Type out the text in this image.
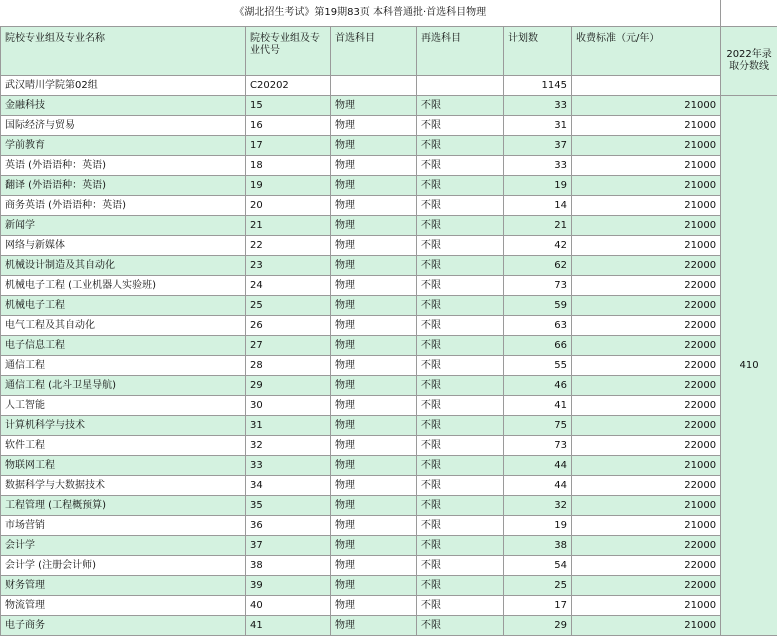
《湖北招生考试》第19期83页 本科普通批·首选科目物理						
院校专业组及专业名称	院校专业组及专业代号	首选科目	再选科目	计划数	收费标准（元/年）	2022年录取分数线
武汉晴川学院第02组	C20202			1145		
金融科技	15	物理	不限	33	21000	410
国际经济与贸易	16	物理	不限	31	21000	
学前教育	17	物理	不限	37	21000	
英语 (外语语种：英语)	18	物理	不限	33	21000	
翻译 (外语语种：英语)	19	物理	不限	19	21000	
商务英语 (外语语种：英语)	20	物理	不限	14	21000	
新闻学	21	物理	不限	21	21000	
网络与新媒体	22	物理	不限	42	21000	
机械设计制造及其自动化	23	物理	不限	62	22000	
机械电子工程 (工业机器人实验班)	24	物理	不限	73	22000	
机械电子工程	25	物理	不限	59	22000	
电气工程及其自动化	26	物理	不限	63	22000	
电子信息工程	27	物理	不限	66	22000	
通信工程	28	物理	不限	55	22000	
通信工程 (北斗卫星导航)	29	物理	不限	46	22000	
人工智能	30	物理	不限	41	22000	
计算机科学与技术	31	物理	不限	75	22000	
软件工程	32	物理	不限	73	22000	
物联网工程	33	物理	不限	44	21000	
数据科学与大数据技术	34	物理	不限	44	22000	
工程管理 (工程概预算)	35	物理	不限	32	21000	
市场营销	36	物理	不限	19	21000	
会计学	37	物理	不限	38	22000	
会计学 (注册会计师)	38	物理	不限	54	22000	
财务管理	39	物理	不限	25	22000	
物流管理	40	物理	不限	17	21000	
电子商务	41	物理	不限	29	21000	
